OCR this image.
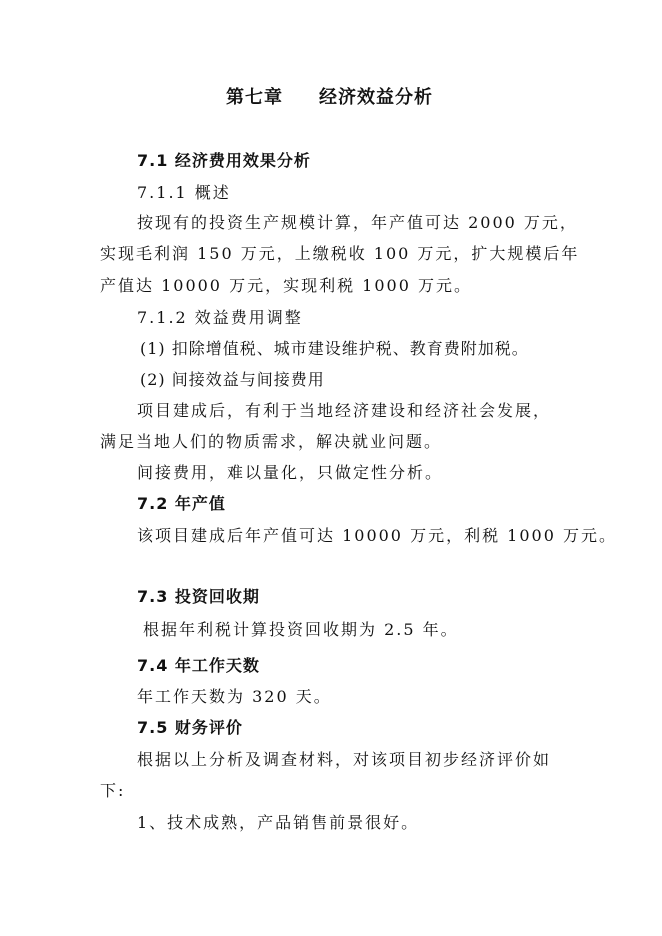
第七章 经济效益分析
7.1 经济费用效果分析
7.1.1 概述
按现有的投资生产规模计算，年产值可达 2000 万元，
实现毛利润 150 万元，上缴税收 100 万元，扩大规模后年
产值达 10000 万元，实现利税 1000 万元。
7.1.2 效益费用调整
(1) 扣除增值税、城市建设维护税、教育费附加税。
(2) 间接效益与间接费用
项目建成后，有利于当地经济建设和经济社会发展，
满足当地人们的物质需求，解决就业问题。
间接费用，难以量化，只做定性分析。
7.2 年产值
该项目建成后年产值可达 10000 万元，利税 1000 万元。
7.3 投资回收期
根据年利税计算投资回收期为 2.5 年。
7.4 年工作天数
年工作天数为 320 天。
7.5 财务评价
根据以上分析及调查材料，对该项目初步经济评价如
下:
1、技术成熟，产品销售前景很好。
